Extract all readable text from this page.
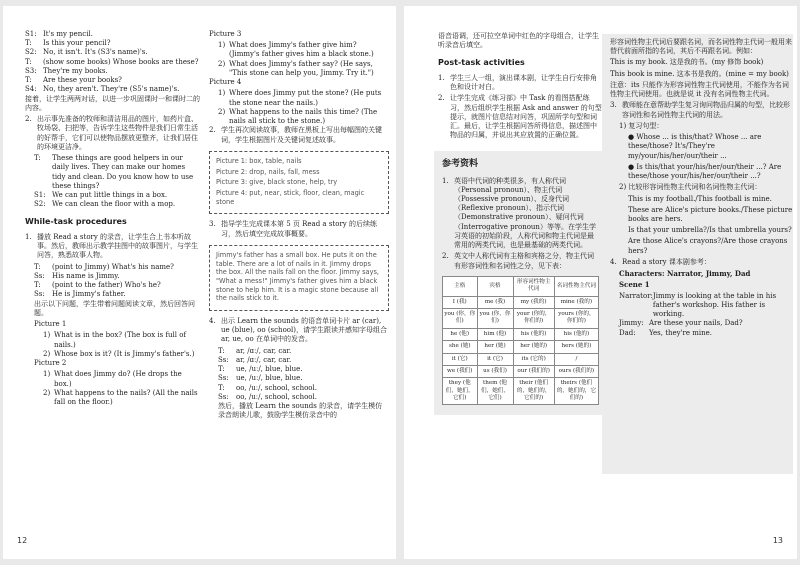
S1: It's my pencil.
T:	Is this your pencil?
S2: No, it isn't. It's (S3's name)'s.
T:	(show some books) Whose books are these?
S3: They're my books.
T:	Are these your books?
S4: No, they aren't. They're (S5's name)'s.

接着，让学生两两对话，以进一步巩固课时一和课时二的内容。

2. 出示事先准备的牧师和清洁用品的图片，如药片盒、牧场袋、扫把等，告诉学生这些物件是我们日常生活的好帮手，它们可以使物品摆放更整齐，让我们居住的环境更洁净。
T:	These things are good helpers in our daily lives. They can make our homes tidy and clean. Do you know how to use these things?
S1: We can put little things in a box.
S2: We can clean the floor with a mop.
While-task procedures
1. 播放 Read a story 的录音，让学生合上书本听故事。然后，教师出示教学挂图中的故事图片，与学生问答，熟悉故事人物。
T:	(point to Jimmy) What's his name?
Ss:	His name is Jimmy.
T:	(point to the father) Who's he?
Ss:	He is Jimmy's father.

出示以下问题，学生带着问题阅读文章，然后回答问题。

Picture 1

1) What is in the box? (The box is full of nails.)
2) Whose box is it? (It is Jimmy's father's.)

Picture 2

1) What does Jimmy do? (He drops the box.)
2) What happens to the nails? (All the nails fall on the floor.)

Picture 3

1) What does Jimmy's father give him? (Jimmy's father gives him a black stone.)
2) What does Jimmy's father say? (He says, "This stone can help you, Jimmy. Try it.")

Picture 4

1) Where does Jimmy put the stone? (He puts the stone near the nails.)
2) What happens to the nails this time? (The nails all stick to the stone.)
2. 学生再次阅读故事，教师在黑板上写出每幅图的关键词，学生根据图片及关键词复述故事。

Picture 1: box, table, nails

Picture 2: drop, nails, fall, mess

Picture 3: give, black stone, help, try

Picture 4: put, near, stick, floor, clean, magic stone

3. 指导学生完成课本第 5 页 Read a story 的后续练习，然后填空完成故事概要。

Jimmy's father has a small box. He puts it on the table. There are a lot of nails in it. Jimmy drops the box. All the nails fall on the floor. Jimmy says, "What a mess!" Jimmy's father gives him a black stone to help him. It is a magic stone because all the nails stick to it.

4. 出示 Learn the sounds 的语音单词卡片 ar (car), ue (blue), oo (school)，请学生跟读并感知字母组合 ar, ue, oo 在单词中的发音。
T:	ar, /ɑː/, car, car.
Ss:	ar, /ɑː/, car, car.
T:	ue, /uː/, blue, blue.
Ss:	ue, /uː/, blue, blue.
T:	oo, /uː/, school, school.
Ss:	oo, /uː/, school, school.

然后，播放 Learn the sounds 的录音，请学生模仿录音朗读儿歌，鼓励学生模仿录音中的

12

语音语调，还可拉空单词中红色的字母组合，让学生听录音后填空。

Post-task activities
1. 学生三人一组，演出课本剧，让学生自行安排角色和设计对白。
2. 让学生完成《练习部》中 Task 的看图搭配练习，然后组织学生根据 Ask and answer 的句型提示，就图片信息结对问答，巩固所学句型和词汇。最后，让学生根据问答所得信息，描述图中物品的归属，并说出其应放置的正确位置。
参考资料
1. 英语中代词的种类很多，有人称代词（Personal pronoun）、物主代词（Possessive pronoun）、反身代词（Reflexive pronoun）、指示代词（Demonstrative pronoun）、疑问代词（Interrogative pronoun）等等。在学生学习英语的初始阶段，人称代词和物主代词是最常用的两类代词，也是最基础的两类代词。
2. 英文中人称代词有主格和宾格之分，物主代词有形容词性和名词性之分，见下表：
主格	宾格	形容词性物主代词	名词性物主代词
I (我)	me (我)	my (我的)	mine (我的)
you (你，你们)	you (你，你们)	your (你的，你们的)	yours (你的，你们的)
he (他)	him (他)	his (他的)	his (他的)
she (她)	her (她)	her (她的)	hers (她的)
it (它)	it (它)	its (它的)	/
we (我们)	us (我们)	our (我们的)	ours (我们的)
they (他们，她们，它们)	them (他们，她们，它们)	their (他们的，她们的，它们的)	theirs (他们的，她们的，它们的)

形容词性物主代词后要跟名词，而名词性物主代词一般用来替代前面所指的名词，其后不再跟名词。例如：

This is my book. 这是我的书。(my 修饰 book)

This book is mine. 这本书是我的。(mine = my book)

注意：its 只能作为形容词性物主代词使用，不能作为名词性物主代词使用。也就是说 it 没有名词性物主代词。

3. 教师能在意帮助学生复习询问物品归属的句型，比较形容词性和名词性物主代词的用法。

1) 复习句型：

● Whose ... is this/that? Whose ... are these/those? It's/They're my/your/his/her/our/their ...

● Is this/that your/his/her/our/their ...? Are these/those your/his/her/our/their ...?

2) 比较形容词性物主代词和名词性物主代词：

This is my football./This football is mine.

These are Alice's picture books./These picture books are hers.

Is that your umbrella?/Is that umbrella yours?

Are those Alice's crayons?/Are those crayons hers?

4. Read a story 课本剧参考：

Characters: Narrator, Jimmy, Dad

Scene 1

Narrator: Jimmy is looking at the table in his father's workshop. His father is working.
Jimmy: Are these your nails, Dad?
Dad:	Yes, they're mine.
13
